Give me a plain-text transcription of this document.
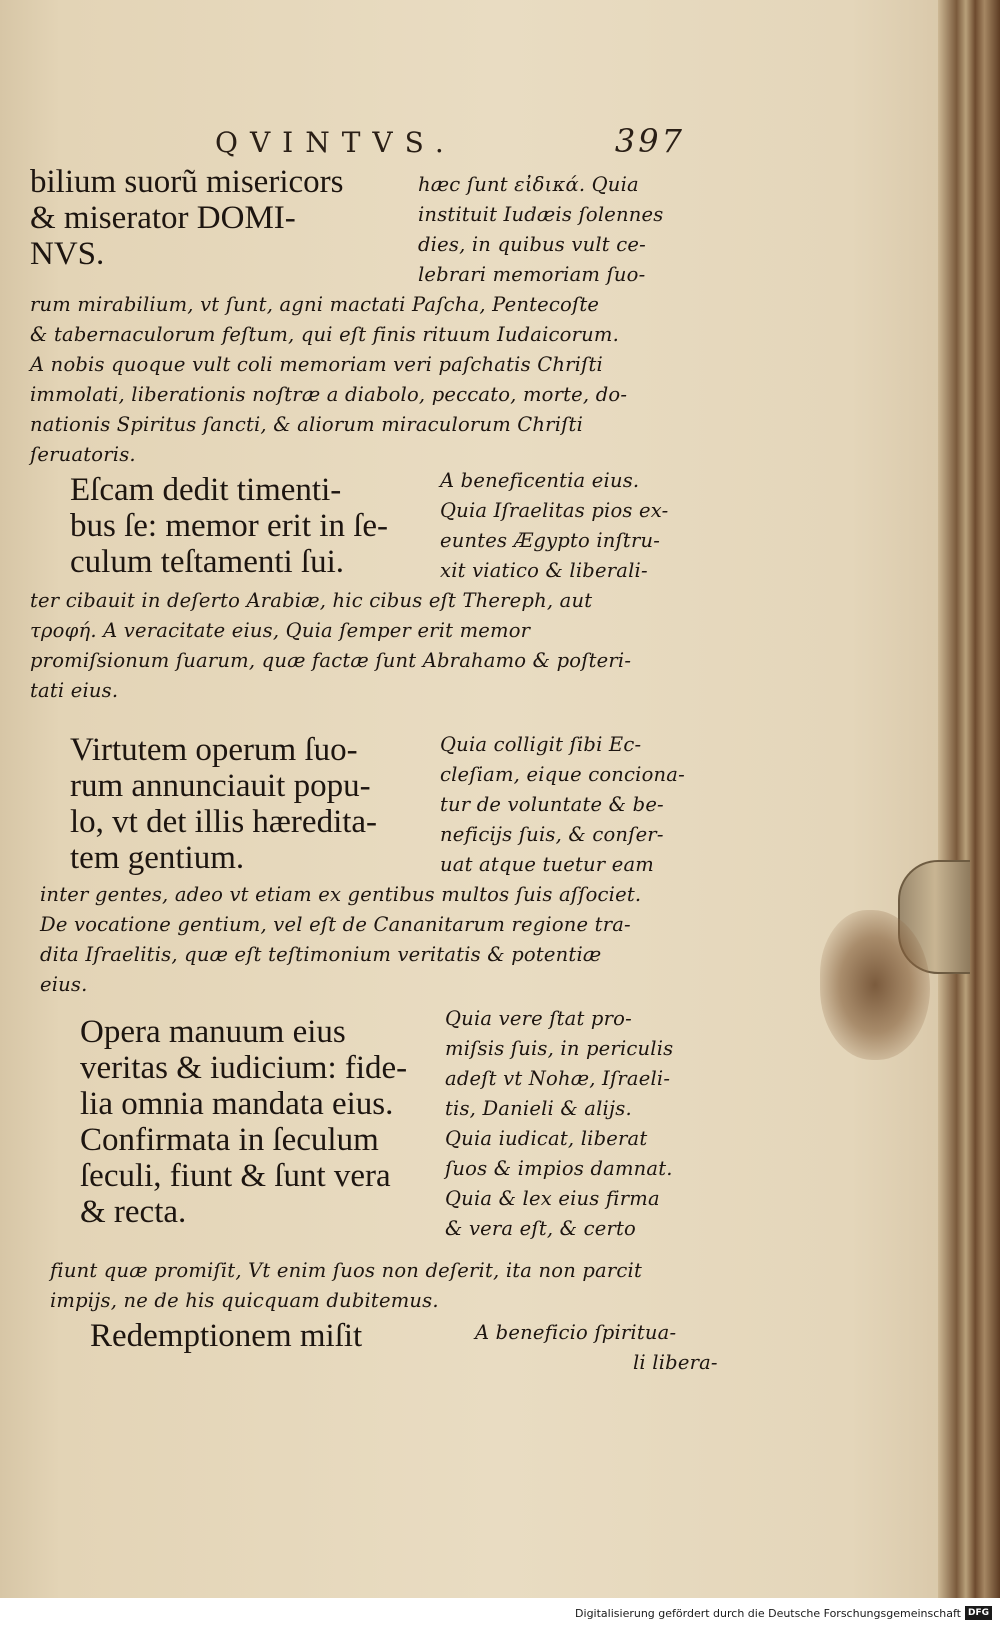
QVINTVS.	397
bilium suorũ misericors
& miserator DOMI-
NVS.
hæc ſunt εἰδικά. Quia
instituit Iudæis ſolennes
dies, in quibus vult ce-
lebrari memoriam ſuo-
rum mirabilium, vt ſunt, agni mactati Paſcha, Pentecoſte
& tabernaculorum feſtum, qui eſt finis rituum Iudaicorum.
A nobis quoque vult coli memoriam veri paſchatis Chriſti
immolati, liberationis noſtræ a diabolo, peccato, morte, do-
nationis Spiritus ſancti, & aliorum miraculorum Chriſti
ſeruatoris.
Eſcam dedit timenti-
bus ſe: memor erit in ſe-
culum teſtamenti ſui.
A beneficentia eius.
Quia Iſraelitas pios ex-
euntes Ægypto inſtru-
xit viatico & liberali-
ter cibauit in deſerto Arabiæ, hic cibus eſt Thereph, aut
τροφή. A veracitate eius, Quia ſemper erit memor
promiſsionum ſuarum, quæ factæ ſunt Abrahamo & poſteri-
tati eius.
Virtutem operum ſuo-
rum annunciauit popu-
lo, vt det illis hæredita-
tem gentium.
Quia colligit ſibi Ec-
cleſiam, eique conciona-
tur de voluntate & be-
neficijs ſuis, & conſer-
uat atque tuetur eam
inter gentes, adeo vt etiam ex gentibus multos ſuis aſſociet.
De vocatione gentium, vel eſt de Cananitarum regione tra-
dita Iſraelitis, quæ eſt teſtimonium veritatis & potentiæ
eius.
Opera manuum eius
veritas & iudicium: fide-
lia omnia mandata eius.
Confirmata in ſeculum
ſeculi, fiunt & ſunt vera
& recta.
Quia vere ſtat pro-
miſsis ſuis, in periculis
adeſt vt Nohæ, Iſraeli-
tis, Danieli & alijs.
Quia iudicat, liberat
ſuos & impios damnat.
Quia & lex eius firma
& vera eſt, & certo
fiunt quæ promiſit, Vt enim ſuos non deſerit, ita non parcit
impijs, ne de his quicquam dubitemus.
Redemptionem miſit	A beneficio ſpiritua-
li libera-
Digitalisierung gefördert durch die Deutsche Forschungsgemeinschaft DFG
